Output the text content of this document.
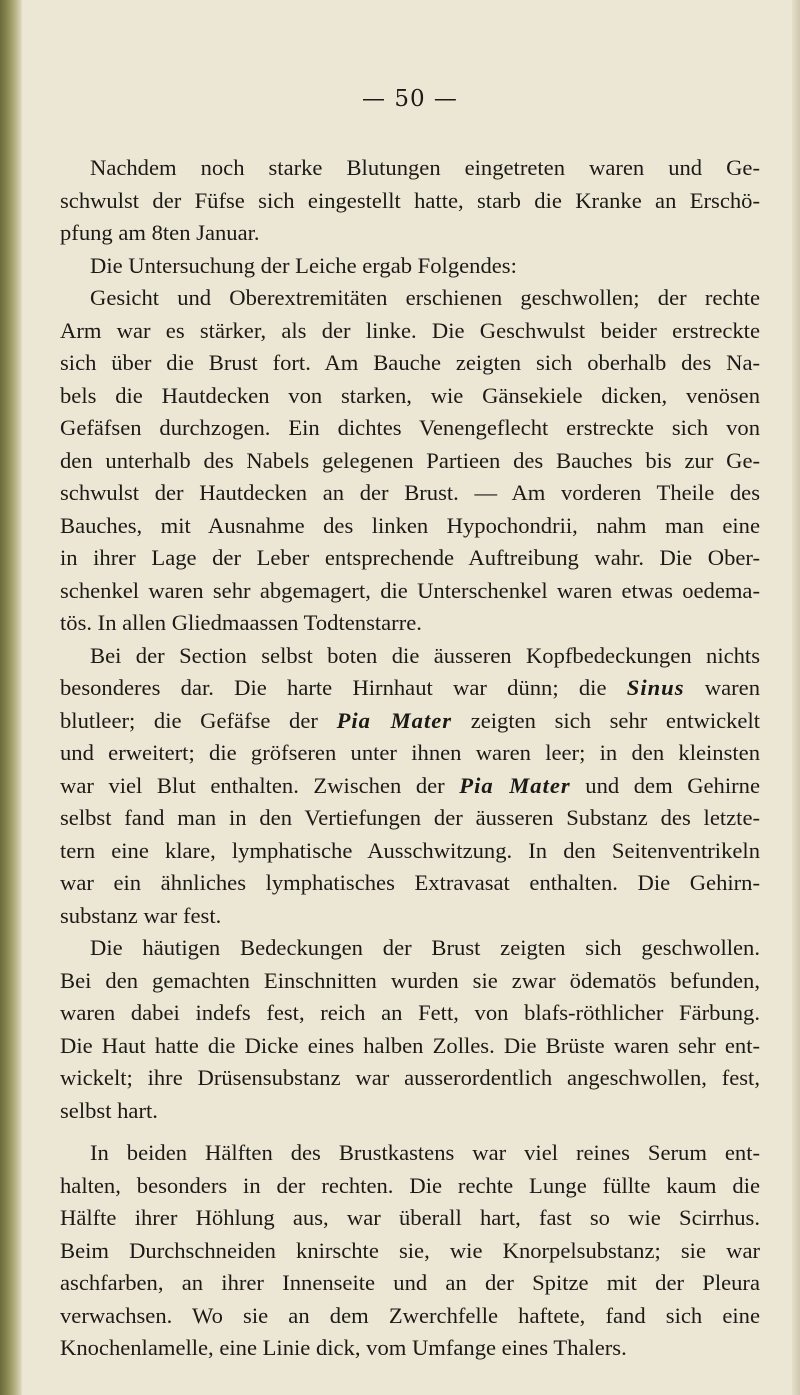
— 50 —

Nachdem noch starke Blutungen eingetreten waren und Ge-
schwulst der Füfse sich eingestellt hatte, starb die Kranke an Erschö-
pfung am 8ten Januar.

Die Untersuchung der Leiche ergab Folgendes:

Gesicht und Oberextremitäten erschienen geschwollen; der rechte
Arm war es stärker, als der linke. Die Geschwulst beider erstreckte
sich über die Brust fort. Am Bauche zeigten sich oberhalb des Na-
bels die Hautdecken von starken, wie Gänsekiele dicken, venösen
Gefäfsen durchzogen. Ein dichtes Venengeflecht erstreckte sich von
den unterhalb des Nabels gelegenen Partieen des Bauches bis zur Ge-
schwulst der Hautdecken an der Brust. — Am vorderen Theile des
Bauches, mit Ausnahme des linken Hypochondrii, nahm man eine
in ihrer Lage der Leber entsprechende Auftreibung wahr. Die Ober-
schenkel waren sehr abgemagert, die Unterschenkel waren etwas oedema-
tös. In allen Gliedmaassen Todtenstarre.

Bei der Section selbst boten die äusseren Kopfbedeckungen nichts
besonderes dar. Die harte Hirnhaut war dünn; die Sinus waren
blutleer; die Gefäfse der Pia Mater zeigten sich sehr entwickelt
und erweitert; die gröfseren unter ihnen waren leer; in den kleinsten
war viel Blut enthalten. Zwischen der Pia Mater und dem Gehirne
selbst fand man in den Vertiefungen der äusseren Substanz des letzte-
tern eine klare, lymphatische Ausschwitzung. In den Seitenventrikeln
war ein ähnliches lymphatisches Extravasat enthalten. Die Gehirn-
substanz war fest.

Die häutigen Bedeckungen der Brust zeigten sich geschwollen.
Bei den gemachten Einschnitten wurden sie zwar ödematös befunden,
waren dabei indefs fest, reich an Fett, von blafs-röthlicher Färbung.
Die Haut hatte die Dicke eines halben Zolles. Die Brüste waren sehr ent-
wickelt; ihre Drüsensubstanz war ausserordentlich angeschwollen, fest,
selbst hart.

In beiden Hälften des Brustkastens war viel reines Serum ent-
halten, besonders in der rechten. Die rechte Lunge füllte kaum die
Hälfte ihrer Höhlung aus, war überall hart, fast so wie Scirrhus.
Beim Durchschneiden knirschte sie, wie Knorpelsubstanz; sie war
aschfarben, an ihrer Innenseite und an der Spitze mit der Pleura
verwachsen. Wo sie an dem Zwerchfelle haftete, fand sich eine
Knochenlamelle, eine Linie dick, vom Umfange eines Thalers.
